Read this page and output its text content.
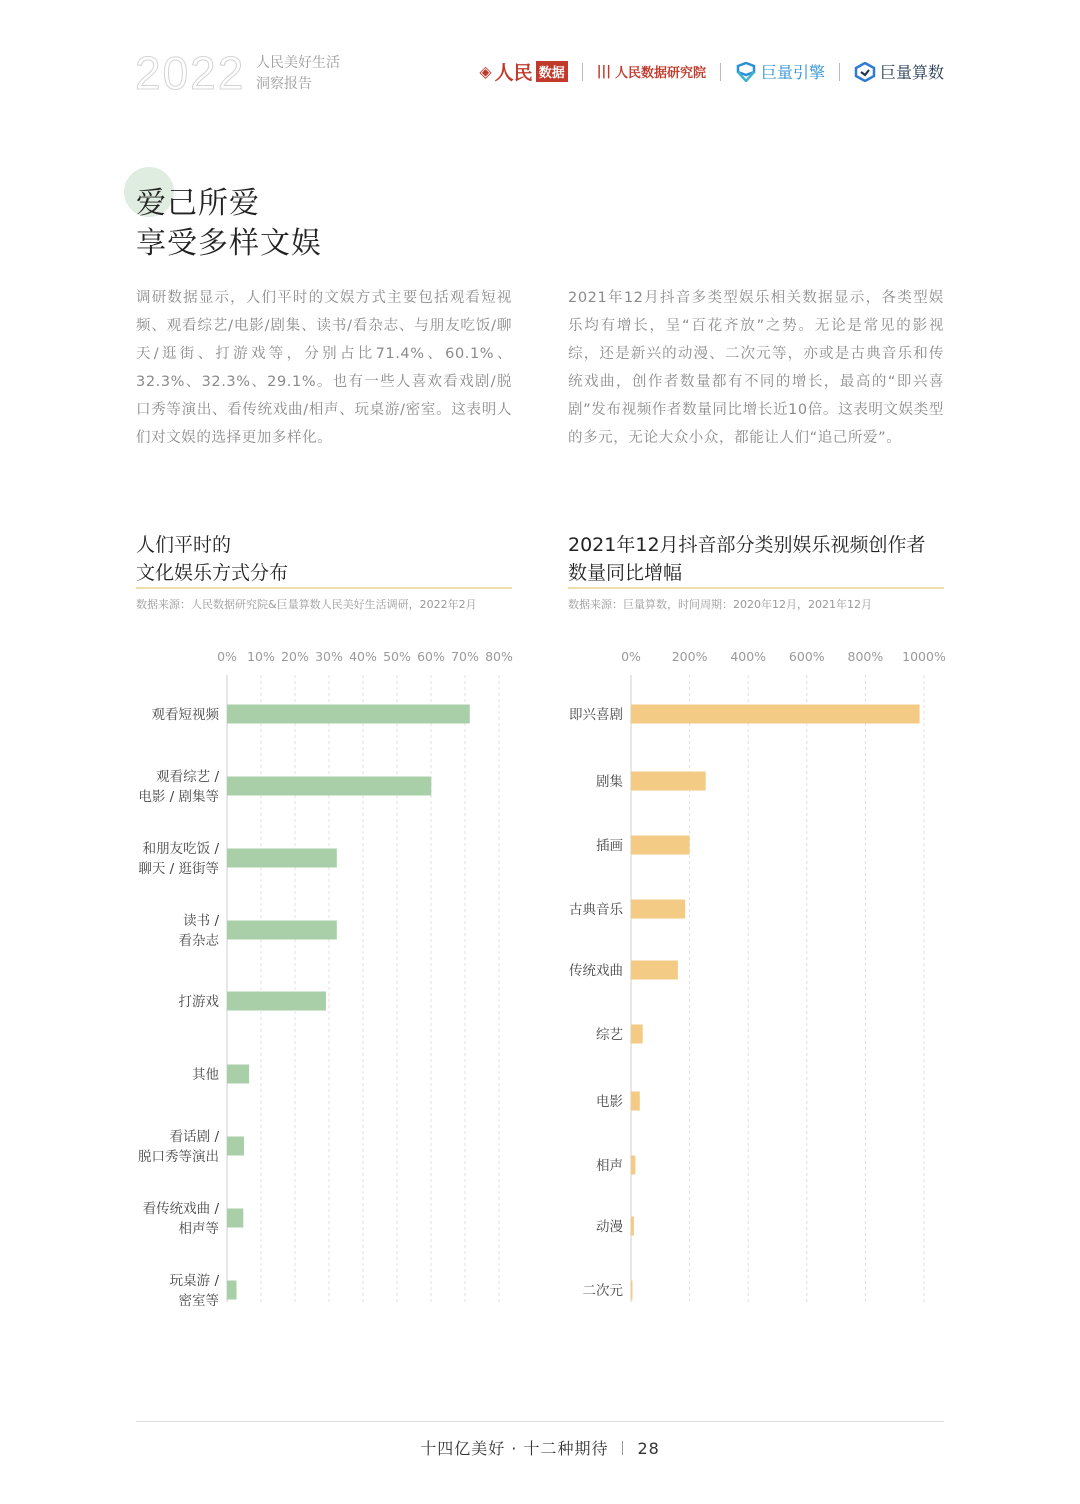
2022 人民美好生活
洞察报告
◈ 人民 数据 ||| 人民数据研究院	巨量引擎	巨量算数
爱己所爱
享受多样文娱
调研数据显示，人们平时的文娱方式主要包括观看短视频、观看综艺/电影/剧集、读书/看杂志、与朋友吃饭/聊天/逛街、打游戏等，分别占比71.4%、60.1%、32.3%、32.3%、29.1%。也有一些人喜欢看戏剧/脱口秀等演出、看传统戏曲/相声、玩桌游/密室。这表明人们对文娱的选择更加多样化。
2021年12月抖音多类型娱乐相关数据显示，各类型娱乐均有增长，呈“百花齐放”之势。无论是常见的影视综，还是新兴的动漫、二次元等，亦或是古典音乐和传统戏曲，创作者数量都有不同的增长，最高的“即兴喜剧”发布视频作者数量同比增长近10倍。这表明文娱类型的多元，无论大众小众，都能让人们“追己所爱”。
人们平时的
文化娱乐方式分布
数据来源：人民数据研究院&巨量算数人民美好生活调研，2022年2月
2021年12月抖音部分类别娱乐视频创作者
数量同比增幅
数据来源：巨量算数，时间周期：2020年12月，2021年12月
0% 10% 20% 30% 40% 50% 60% 70% 80%
观看短视频
观看综艺 /
电影 / 剧集等
和朋友吃饭 /
聊天 / 逛街等
读书 /
看杂志
打游戏
其他
看话剧 /
脱口秀等演出
看传统戏曲 /
相声等
玩桌游 /
密室等
0% 200% 400% 600% 800% 1000%
即兴喜剧
剧集
插画
古典音乐
传统戏曲
综艺
电影
相声
动漫
二次元
十四亿美好 · 十二种期待 28
